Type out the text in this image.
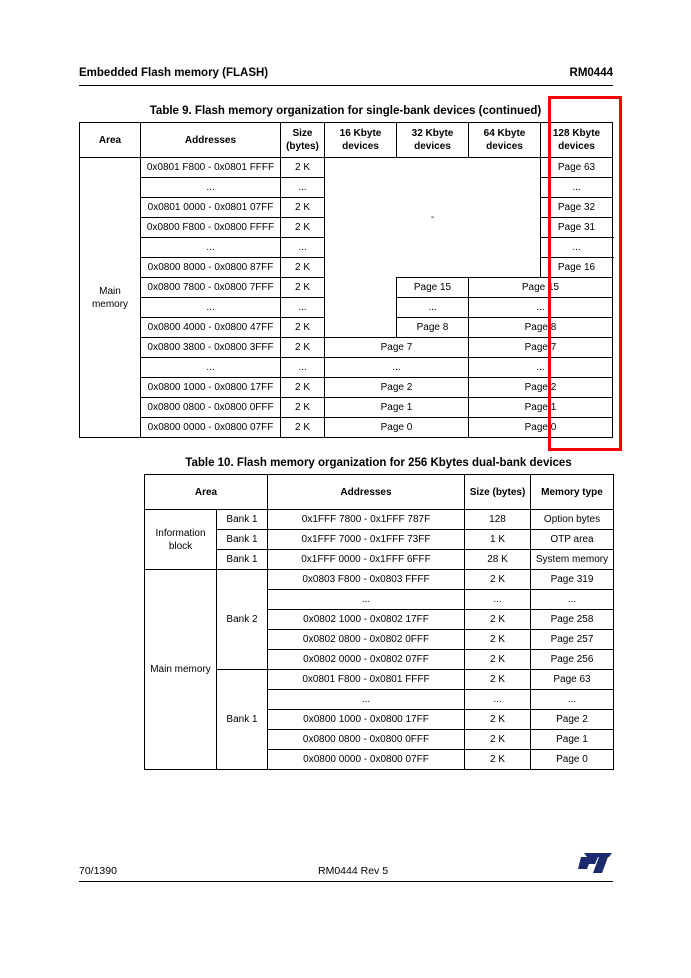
Embedded Flash memory (FLASH)	RM0444
Table 9. Flash memory organization for single-bank devices (continued)
Area	Addresses	Size (bytes)	16 Kbyte devices	32 Kbyte devices	64 Kbyte devices	128 Kbyte devices
Main memory	0x0801 F800 - 0x0801 FFFF	2 K	-			Page 63
	...	...				...
	0x0801 0000 - 0x0801 07FF	2 K				Page 32
	0x0800 F800 - 0x0800 FFFF	2 K				Page 31
	...	...				...
	0x0800 8000 - 0x0800 87FF	2 K				Page 16
	0x0800 7800 - 0x0800 7FFF	2 K		Page 15	Page 15	
	...	...		...	...	
	0x0800 4000 - 0x0800 47FF	2 K		Page 8	Page 8	
	0x0800 3800 - 0x0800 3FFF	2 K	Page 7		Page 7	
	...	...	...		...	
	0x0800 1000 - 0x0800 17FF	2 K	Page 2		Page 2	
	0x0800 0800 - 0x0800 0FFF	2 K	Page 1		Page 1	
	0x0800 0000 - 0x0800 07FF	2 K	Page 0		Page 0	
Table 10. Flash memory organization for 256 Kbytes dual-bank devices
Area		Addresses	Size (bytes)	Memory type
Information block	Bank 1	0x1FFF 7800 - 0x1FFF 787F	128	Option bytes
	Bank 1	0x1FFF 7000 - 0x1FFF 73FF	1 K	OTP area
	Bank 1	0x1FFF 0000 - 0x1FFF 6FFF	28 K	System memory
Main memory	Bank 2	0x0803 F800 - 0x0803 FFFF	2 K	Page 319
		...	...	...
		0x0802 1000 - 0x0802 17FF	2 K	Page 258
		0x0802 0800 - 0x0802 0FFF	2 K	Page 257
		0x0802 0000 - 0x0802 07FF	2 K	Page 256
	Bank 1	0x0801 F800 - 0x0801 FFFF	2 K	Page 63
		...	...	...
		0x0800 1000 - 0x0800 17FF	2 K	Page 2
		0x0800 0800 - 0x0800 0FFF	2 K	Page 1
		0x0800 0000 - 0x0800 07FF	2 K	Page 0
70/1390	RM0444 Rev 5
